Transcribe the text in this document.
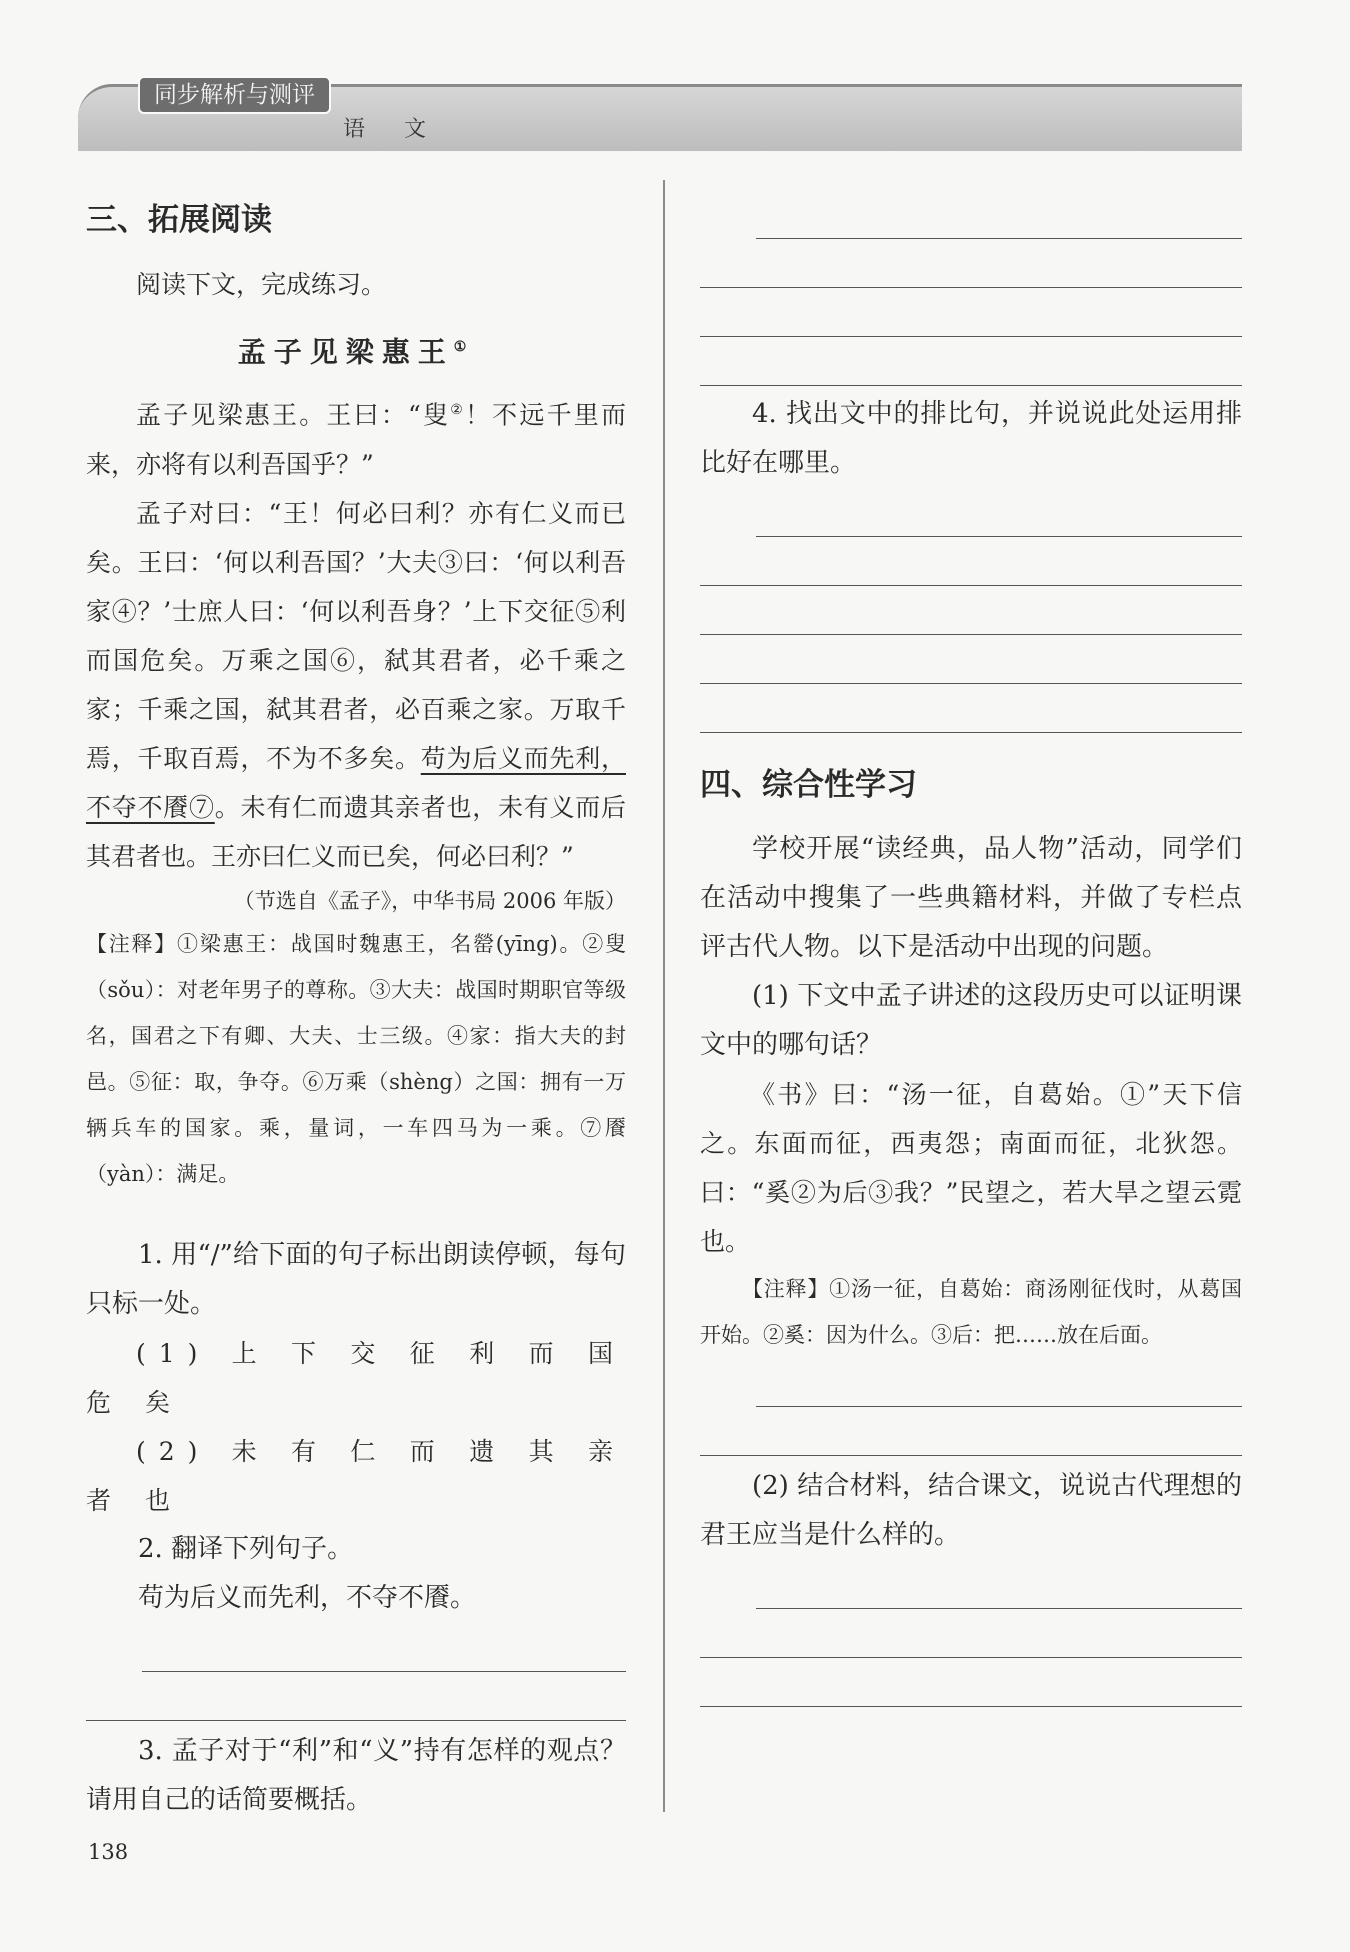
同步解析与测评
语 文
三、拓展阅读

阅读下文，完成练习。

孟子见梁惠王①

孟子见梁惠王。王曰：“叟②！不远千里而来，亦将有以利吾国乎？”

孟子对曰：“王！何必曰利？亦有仁义而已矣。王曰：‘何以利吾国？’大夫③曰：‘何以利吾家④？’士庶人曰：‘何以利吾身？’上下交征⑤利而国危矣。万乘之国⑥，弑其君者，必千乘之家；千乘之国，弑其君者，必百乘之家。万取千焉，千取百焉，不为不多矣。苟为后义而先利，不夺不餍⑦。未有仁而遗其亲者也，未有义而后其君者也。王亦曰仁义而已矣，何必曰利？”

（节选自《孟子》，中华书局 2006 年版）

【注释】①梁惠王：战国时魏惠王，名罃(yīng)。②叟（sǒu）：对老年男子的尊称。③大夫：战国时期职官等级名，国君之下有卿、大夫、士三级。④家：指大夫的封邑。⑤征：取，争夺。⑥万乘（shèng）之国：拥有一万辆兵车的国家。乘，量词，一车四马为一乘。⑦餍（yàn）：满足。

1. 用“/”给下面的句子标出朗读停顿，每句只标一处。

(1) 上 下 交 征 利 而 国 危 矣

(2) 未 有 仁 而 遗 其 亲 者 也

2. 翻译下列句子。

苟为后义而先利，不夺不餍。

3. 孟子对于“利”和“义”持有怎样的观点？请用自己的话简要概括。

4. 找出文中的排比句，并说说此处运用排比好在哪里。

四、综合性学习

学校开展“读经典，品人物”活动，同学们在活动中搜集了一些典籍材料，并做了专栏点评古代人物。以下是活动中出现的问题。

(1) 下文中孟子讲述的这段历史可以证明课文中的哪句话？

《书》曰：“汤一征，自葛始。①”天下信之。东面而征，西夷怨；南面而征，北狄怨。曰：“奚②为后③我？”民望之，若大旱之望云霓也。

【注释】①汤一征，自葛始：商汤刚征伐时，从葛国开始。②奚：因为什么。③后：把……放在后面。

(2) 结合材料，结合课文，说说古代理想的君王应当是什么样的。

138
